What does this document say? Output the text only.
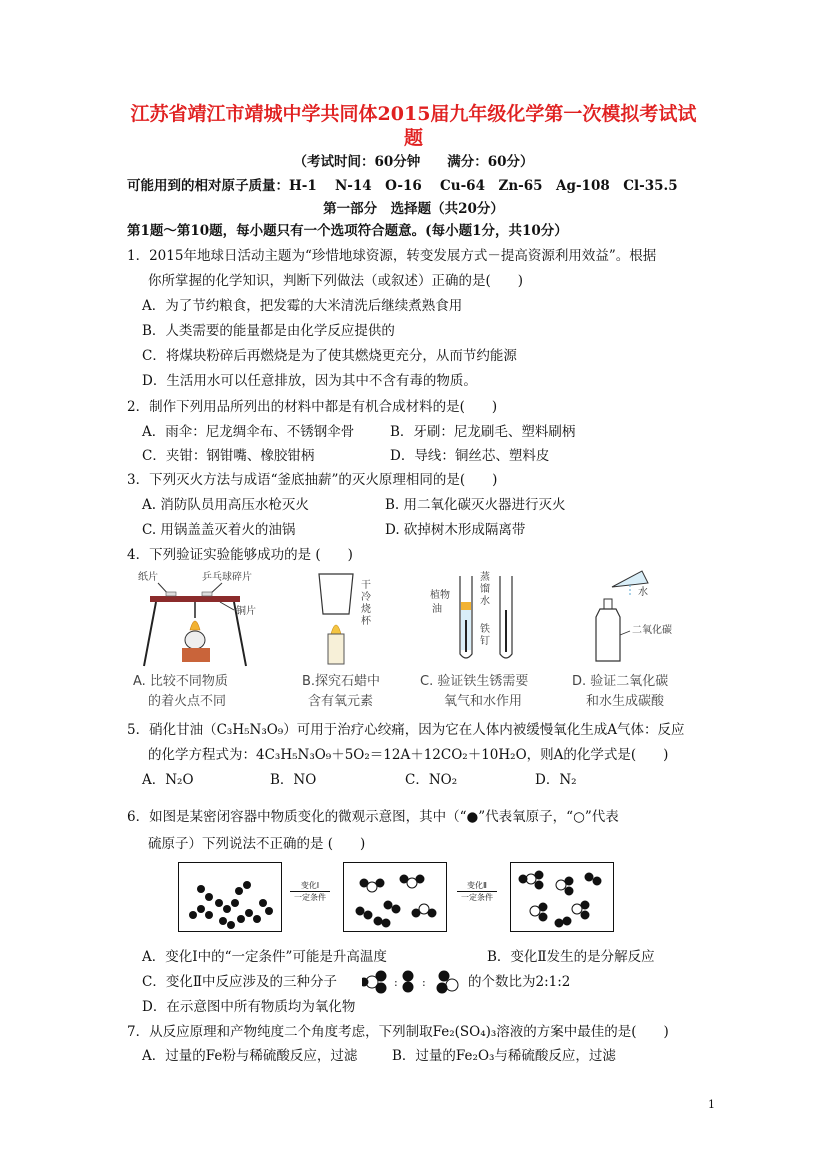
江苏省靖江市靖城中学共同体2015届九年级化学第一次模拟考试试
题
（考试时间：60分钟　　满分：60分）
可能用到的相对原子质量：H-1　 N-14　O-16　 Cu-64　Zn-65　Ag-108　Cl-35.5
第一部分　选择题（共20分）
第1题～第10题，每小题只有一个选项符合题意。(每小题1分，共10分）
1．2015年地球日活动主题为“珍惜地球资源，转变发展方式－提高资源利用效益”。根据
你所掌握的化学知识，判断下列做法（或叙述）正确的是(　　)
A．为了节约粮食，把发霉的大米清洗后继续煮熟食用
B．人类需要的能量都是由化学反应提供的
C．将煤块粉碎后再燃烧是为了使其燃烧更充分，从而节约能源
D．生活用水可以任意排放，因为其中不含有毒的物质。
2．制作下列用品所列出的材料中都是有机合成材料的是(　　)
A．雨伞：尼龙绸伞布、不锈钢伞骨	B．牙刷：尼龙刷毛、塑料刷柄
C．夹钳：钢钳嘴、橡胶钳柄	D．导线：铜丝芯、塑料皮
3．下列灭火方法与成语“釜底抽薪”的灭火原理相同的是(　　)
A. 消防队员用高压水枪灭火	B. 用二氧化碳灭火器进行灭火
C. 用锅盖盖灭着火的油锅	D. 砍掉树木形成隔离带
4．下列验证实验能够成功的是 (　　)
纸片	乒乓球碎片
铜片
干
冷
烧
杯
蒸
馏
水
植物
油
铁
钉
水
二氧化碳
A. 比较不同物质
的着火点不同
B.探究石蜡中
含有氧元素
C. 验证铁生锈需要
氧气和水作用
D. 验证二氧化碳
和水生成碳酸
5．硝化甘油（C₃H₅N₃O₉）可用于治疗心绞痛，因为它在人体内被缓慢氧化生成A气体：反应
的化学方程式为：4C₃H₅N₃O₉＋5O₂＝12A＋12CO₂＋10H₂O，则A的化学式是(　　)
A．N₂O	B．NO	C．NO₂	D．N₂
6．如图是某密闭容器中物质变化的微观示意图，其中（“●”代表氧原子，“○”代表
硫原子）下列说法不正确的是 (　　)
变化Ⅰ
一定条件
变化Ⅱ
一定条件
A．变化Ⅰ中的“一定条件”可能是升高温度	B．变化Ⅱ发生的是分解反应
C．变化Ⅱ中反应涉及的三种分子	: :	的个数比为2:1:2
D．在示意图中所有物质均为氧化物
7．从反应原理和产物纯度二个角度考虑，下列制取Fe₂(SO₄)₃溶液的方案中最佳的是(　　)
A．过量的Fe粉与稀硫酸反应，过滤	B．过量的Fe₂O₃与稀硫酸反应，过滤
1
